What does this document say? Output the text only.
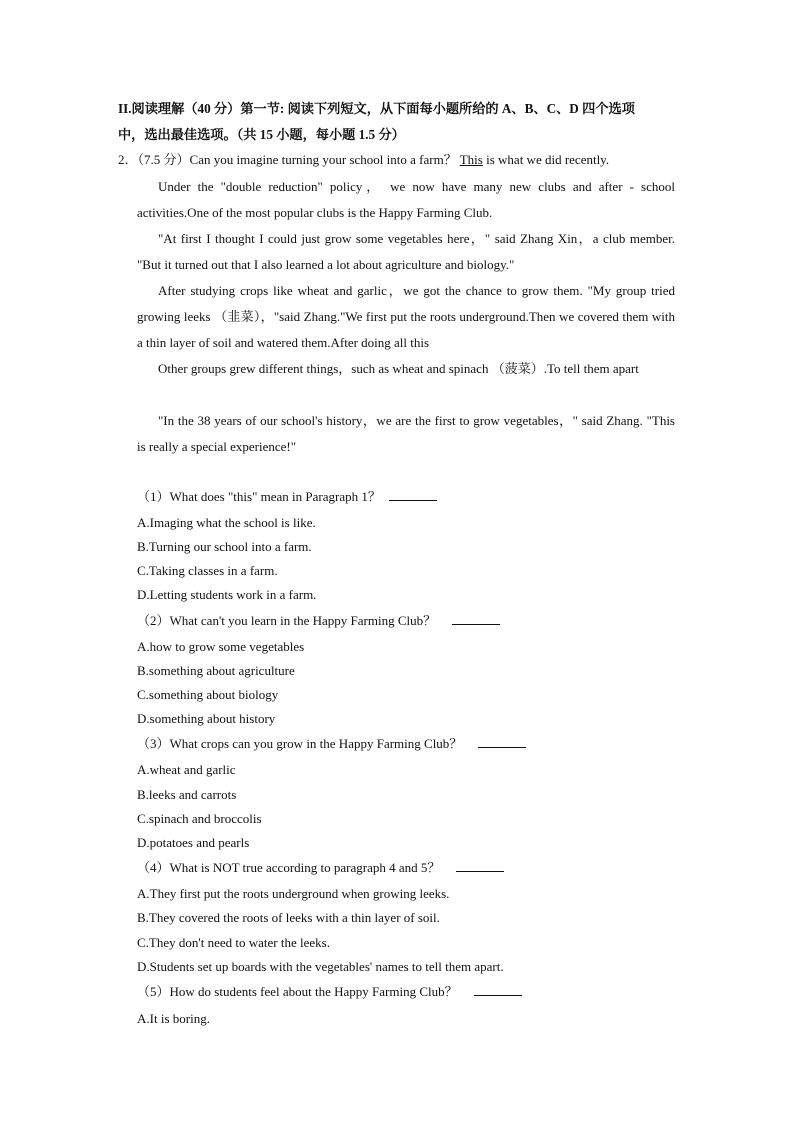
II.阅读理解（40 分）第一节: 阅读下列短文，从下面每小题所给的 A、B、C、D 四个选项
中，选出最佳选项。（共 15 小题，每小题 1.5 分）
2．（7.5 分）Can you imagine turning your school into a farm？ This is what we did recently.
Under the "double reduction" policy， we now have many new clubs and after - school activities.One of the most popular clubs is the Happy Farming Club.
"At first I thought I could just grow some vegetables here，" said Zhang Xin，a club member. "But it turned out that I also learned a lot about agriculture and biology."
After studying crops like wheat and garlic，we got the chance to grow them. "My group tried growing leeks （韭菜），"said Zhang."We first put the roots underground.Then we covered them with a thin layer of soil and watered them.After doing all this
Other groups grew different things，such as wheat and spinach （菠菜）.To tell them apart
"In the 38 years of our school's history，we are the first to grow vegetables，" said Zhang. "This is really a special experience!"
（1）What does "this" mean in Paragraph 1？
A.Imaging what the school is like.
B.Turning our school into a farm.
C.Taking classes in a farm.
D.Letting students work in a farm.
（2）What can't you learn in the Happy Farming Club？
A.how to grow some vegetables
B.something about agriculture
C.something about biology
D.something about history
（3）What crops can you grow in the Happy Farming Club？
A.wheat and garlic
B.leeks and carrots
C.spinach and broccolis
D.potatoes and pearls
（4）What is NOT true according to paragraph 4 and 5？
A.They first put the roots underground when growing leeks.
B.They covered the roots of leeks with a thin layer of soil.
C.They don't need to water the leeks.
D.Students set up boards with the vegetables' names to tell them apart.
（5）How do students feel about the Happy Farming Club？
A.It is boring.
